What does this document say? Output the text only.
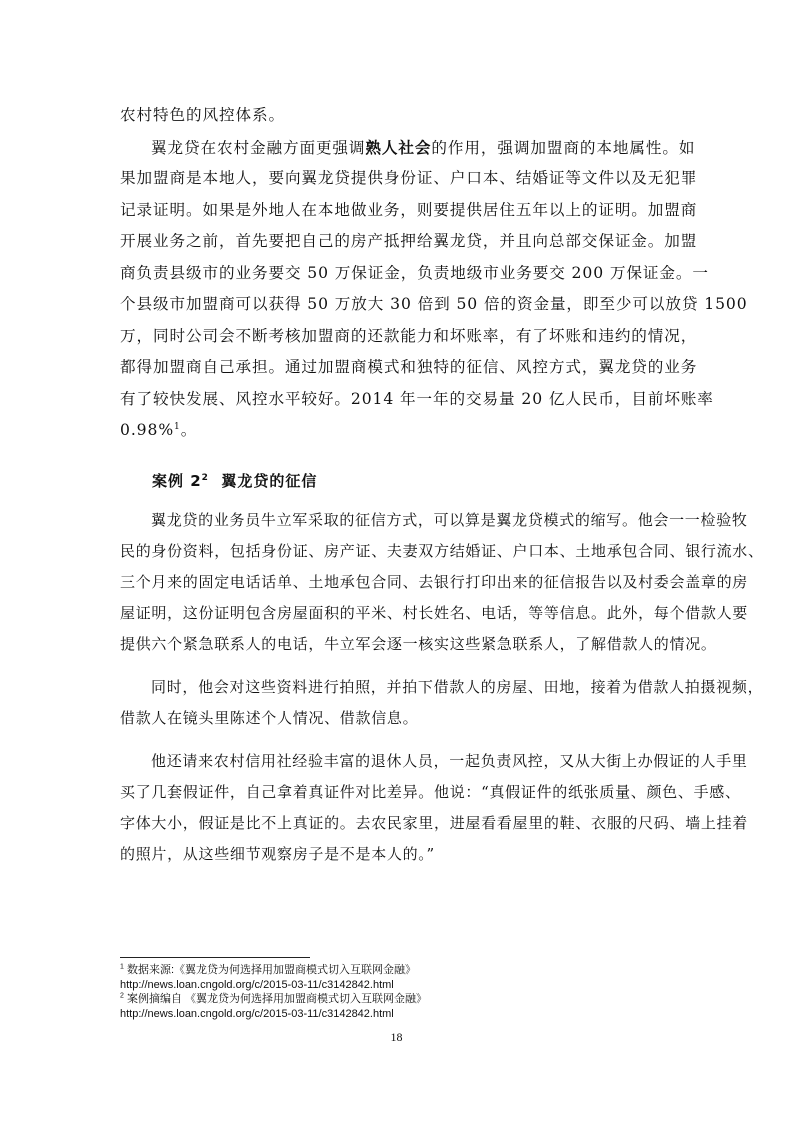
农村特色的风控体系。
翼龙贷在农村金融方面更强调熟人社会的作用，强调加盟商的本地属性。如
果加盟商是本地人，要向翼龙贷提供身份证、户口本、结婚证等文件以及无犯罪
记录证明。如果是外地人在本地做业务，则要提供居住五年以上的证明。加盟商
开展业务之前，首先要把自己的房产抵押给翼龙贷，并且向总部交保证金。加盟
商负责县级市的业务要交 50 万保证金，负责地级市业务要交 200 万保证金。一
个县级市加盟商可以获得 50 万放大 30 倍到 50 倍的资金量，即至少可以放贷 1500
万，同时公司会不断考核加盟商的还款能力和坏账率，有了坏账和违约的情况，
都得加盟商自己承担。通过加盟商模式和独特的征信、风控方式，翼龙贷的业务
有了较快发展、风控水平较好。2014 年一年的交易量 20 亿人民币，目前坏账率
0.98%$^1$。
案例 $2^2$  翼龙贷的征信
翼龙贷的业务员牛立军采取的征信方式，可以算是翼龙贷模式的缩写。他会一一检验牧
民的身份资料，包括身份证、房产证、夫妻双方结婚证、户口本、土地承包合同、银行流水、
三个月来的固定电话话单、土地承包合同、去银行打印出来的征信报告以及村委会盖章的房
屋证明，这份证明包含房屋面积的平米、村长姓名、电话，等等信息。此外，每个借款人要
提供六个紧急联系人的电话，牛立军会逐一核实这些紧急联系人，了解借款人的情况。
同时，他会对这些资料进行拍照，并拍下借款人的房屋、田地，接着为借款人拍摄视频，
借款人在镜头里陈述个人情况、借款信息。
他还请来农村信用社经验丰富的退休人员，一起负责风控，又从大街上办假证的人手里
买了几套假证件，自己拿着真证件对比差异。他说：“真假证件的纸张质量、颜色、手感、
字体大小，假证是比不上真证的。去农民家里，进屋看看屋里的鞋、衣服的尺码、墙上挂着
的照片，从这些细节观察房子是不是本人的。”
$^1$ 数据来源:《翼龙贷为何选择用加盟商模式切入互联网金融》
http://news.loan.cngold.org/c/2015-03-11/c3142842.html
$^2$ 案例摘编自 《翼龙贷为何选择用加盟商模式切入互联网金融》
http://news.loan.cngold.org/c/2015-03-11/c3142842.html
18
